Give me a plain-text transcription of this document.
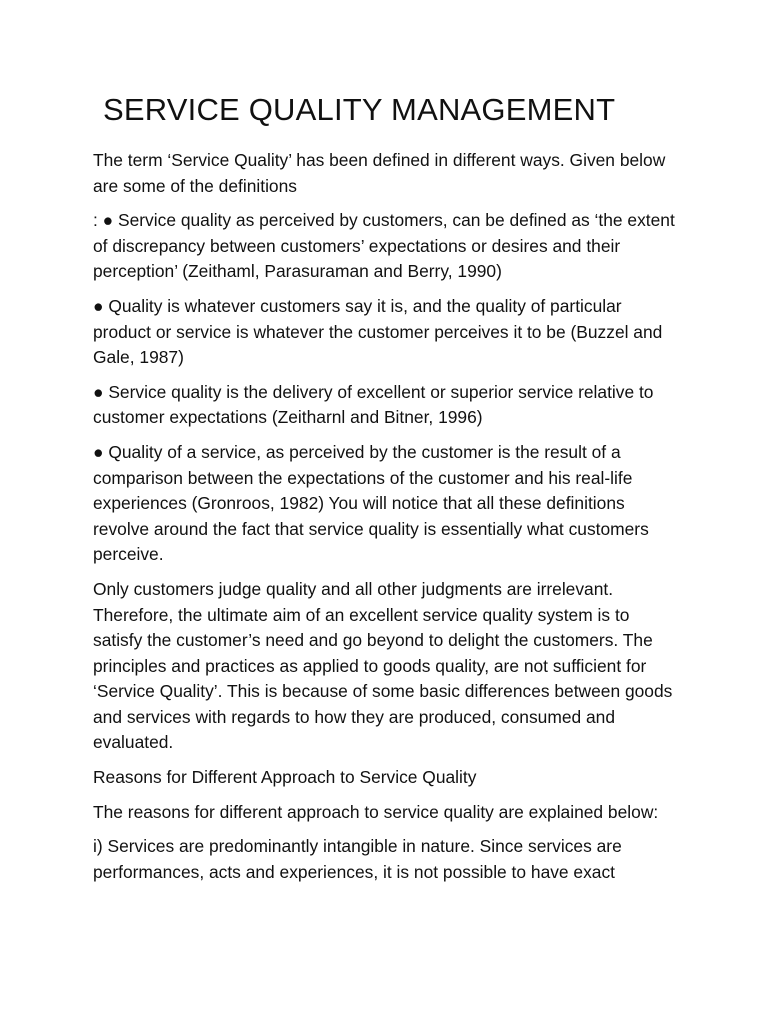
SERVICE QUALITY MANAGEMENT

The term ‘Service Quality’ has been defined in different ways. Given below are some of the definitions

: ● Service quality as perceived by customers, can be defined as ‘the extent of discrepancy between customers’ expectations or desires and their perception’ (Zeithaml, Parasuraman and Berry, 1990)

● Quality is whatever customers say it is, and the quality of particular product or service is whatever the customer perceives it to be (Buzzel and Gale, 1987)

● Service quality is the delivery of excellent or superior service relative to customer expectations (Zeitharnl and Bitner, 1996)

● Quality of a service, as perceived by the customer is the result of a comparison between the expectations of the customer and his real-life experiences (Gronroos, 1982) You will notice that all these definitions revolve around the fact that service quality is essentially what customers perceive.

Only customers judge quality and all other judgments are irrelevant. Therefore, the ultimate aim of an excellent service quality system is to satisfy the customer’s need and go beyond to delight the customers. The principles and practices as applied to goods quality, are not sufficient for ‘Service Quality’. This is because of some basic differences between goods and services with regards to how they are produced, consumed and evaluated.

Reasons for Different Approach to Service Quality

The reasons for different approach to service quality are explained below:

i) Services are predominantly intangible in nature. Since services are performances, acts and experiences, it is not possible to have exact
